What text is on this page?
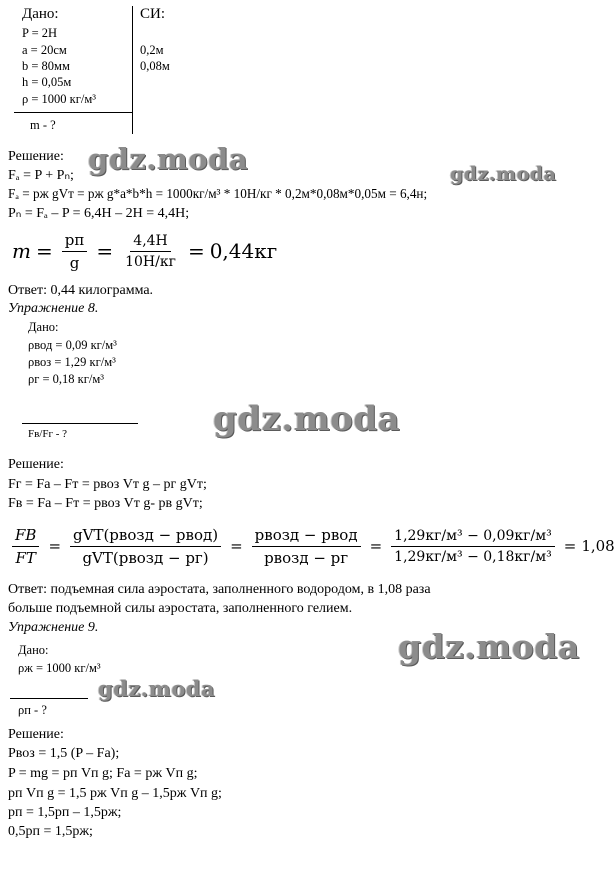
Дано:
P = 2Н
a = 20см
b = 80мм
h = 0,05м
ρ = 1000 кг/м³
m - ?
СИ:
0,2м
0,08м
Решение:
Fₐ = P + Pₙ;
Fₐ = pж gVт = pж g*a*b*h = 1000кг/м³ * 10Н/кг * 0,2м*0,08м*0,05м = 6,4н;
Pₙ = Fₐ – P = 6,4Н – 2Н = 4,4Н;
$m = \frac{pп}{g} = \frac{4,4Н}{10Н/кг} = 0,44кг$
Ответ: 0,44 килограмма.
Упражнение 8.
Дано:
ρвод = 0,09 кг/м³
ρвоз = 1,29 кг/м³
ρг = 0,18 кг/м³
Fв/Fг - ?
Решение:
Fг = Fа – Fт = pвоз Vт g – pг gVт;
Fв = Fа – Fт = pвоз Vт g- pв gVт;
$\frac{FB}{FT} = \frac{\text{gVT(pвозд − pвод)}}{\text{gVT(pвозд − pг)}} = \frac{\text{pвозд − pвод}}{\text{pвозд − pг}} = \frac{\text{1,29кг/м³ − 0,09кг/м³}}{\text{1,29кг/м³ − 0,18кг/м³}} = 1,08$
Ответ: подъемная сила аэростата, заполненного водородом, в 1,08 раза
больше подъемной силы аэростата, заполненного гелием.
Упражнение 9.
Дано:
ρж = 1000 кг/м³
ρп - ?
Решение:
Pвоз = 1,5 (P – Fа);
P = mg = pп Vп g; Fа = pж Vп g;
pп Vп g = 1,5 pж Vп g – 1,5pж Vп g;
pп = 1,5pп – 1,5pж;
0,5pп = 1,5pж;
gdz.moda	gdz.moda
gdz.moda
gdz.moda
gdz.moda
